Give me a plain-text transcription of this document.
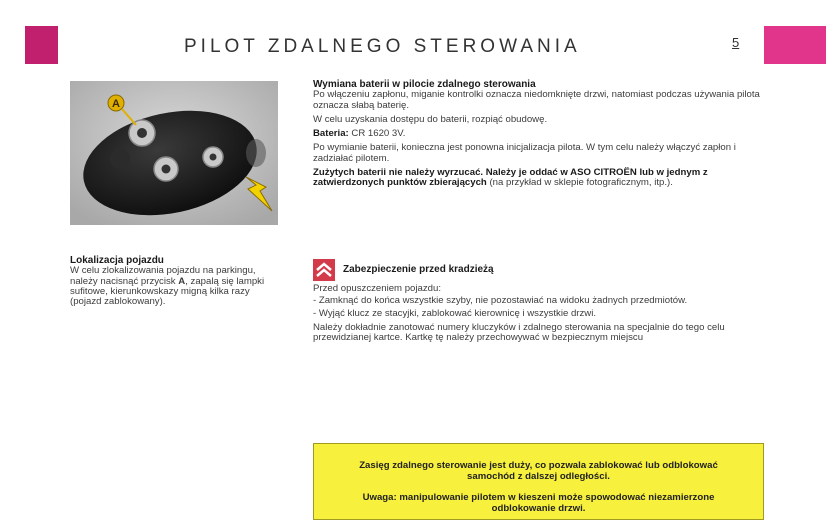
PILOT ZDALNEGO STEROWANIA	5
A

Lokalizacja pojazdu

W celu zlokalizowania pojazdu na parkingu, należy nacisnąć przycisk A, zapalą się lampki sufitowe, kierunkowskazy migną kilka razy (pojazd zablokowany).

Wymiana baterii w pilocie zdalnego sterowania

Po włączeniu zapłonu, miganie kontrolki oznacza niedomknięte drzwi, natomiast podczas używania pilota oznacza słabą baterię.

W celu uzyskania dostępu do baterii, rozpiąć obudowę.

Bateria: CR 1620 3V.

Po wymianie baterii, konieczna jest ponowna inicjalizacja pilota. W tym celu należy włączyć zapłon i zadziałać pilotem.

Zużytych baterii nie należy wyrzucać. Należy je oddać w ASO CITROËN lub w jednym z zatwierdzonych punktów zbierających (na przykład w sklepie fotograficznym, itp.).

Zabezpieczenie przed kradzieżą

Przed opuszczeniem pojazdu:

- Zamknąć do końca wszystkie szyby, nie pozostawiać na widoku żadnych przedmiotów.

- Wyjąć klucz ze stacyjki, zablokować kierownicę i wszystkie drzwi.

Należy dokładnie zanotować numery kluczyków i zdalnego sterowania na specjalnie do tego celu przewidzianej kartce. Kartkę tę należy przechowywać w bezpiecznym miejscu

Zasięg zdalnego sterowanie jest duży, co pozwala zablokować lub odblokować samochód z dalszej odległości.

Uwaga: manipulowanie pilotem w kieszeni może spowodować niezamierzone odblokowanie drzwi.
